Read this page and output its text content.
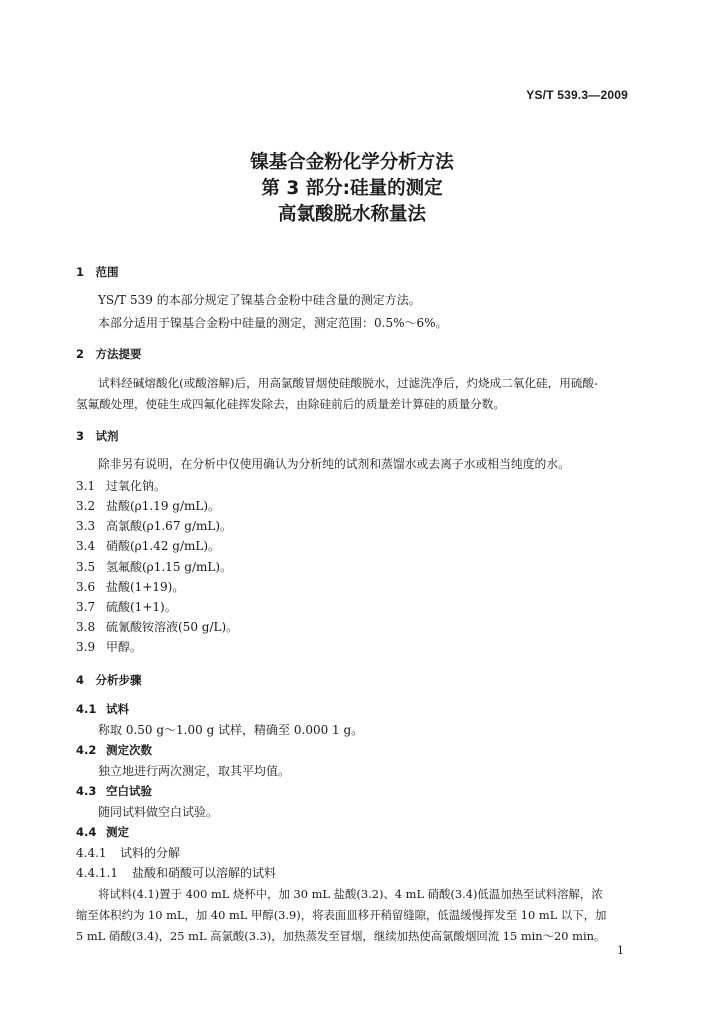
YS/T 539.3—2009
镍基合金粉化学分析方法
第 3 部分:硅量的测定
高氯酸脱水称量法
1　范围
YS/T 539 的本部分规定了镍基合金粉中硅含量的测定方法。
本部分适用于镍基合金粉中硅量的测定，测定范围：0.5%～6%。
2　方法提要
试料经碱熔酸化(或酸溶解)后，用高氯酸冒烟使硅酸脱水，过滤洗净后，灼烧成二氧化硅，用硫酸-
氢氟酸处理，使硅生成四氟化硅挥发除去，由除硅前后的质量差计算硅的质量分数。
3　试剂
除非另有说明，在分析中仅使用确认为分析纯的试剂和蒸馏水或去离子水或相当纯度的水。
3.1 过氧化钠。
3.2 盐酸(ρ1.19 g/mL)。
3.3 高氯酸(ρ1.67 g/mL)。
3.4 硝酸(ρ1.42 g/mL)。
3.5 氢氟酸(ρ1.15 g/mL)。
3.6 盐酸(1+19)。
3.7 硫酸(1+1)。
3.8 硫氰酸铵溶液(50 g/L)。
3.9 甲醇。
4　分析步骤
4.1 试料
称取 0.50 g～1.00 g 试样，精确至 0.000 1 g。
4.2 测定次数
独立地进行两次测定，取其平均值。
4.3 空白试验
随同试料做空白试验。
4.4 测定
4.4.1 试料的分解
4.4.1.1 盐酸和硝酸可以溶解的试料
将试料(4.1)置于 400 mL 烧杯中，加 30 mL 盐酸(3.2)、4 mL 硝酸(3.4)低温加热至试料溶解，浓
缩至体积约为 10 mL，加 40 mL 甲醇(3.9)，将表面皿移开稍留缝隙，低温缓慢挥发至 10 mL 以下，加
5 mL 硝酸(3.4)，25 mL 高氯酸(3.3)，加热蒸发至冒烟，继续加热使高氯酸烟回流 15 min～20 min。
1
